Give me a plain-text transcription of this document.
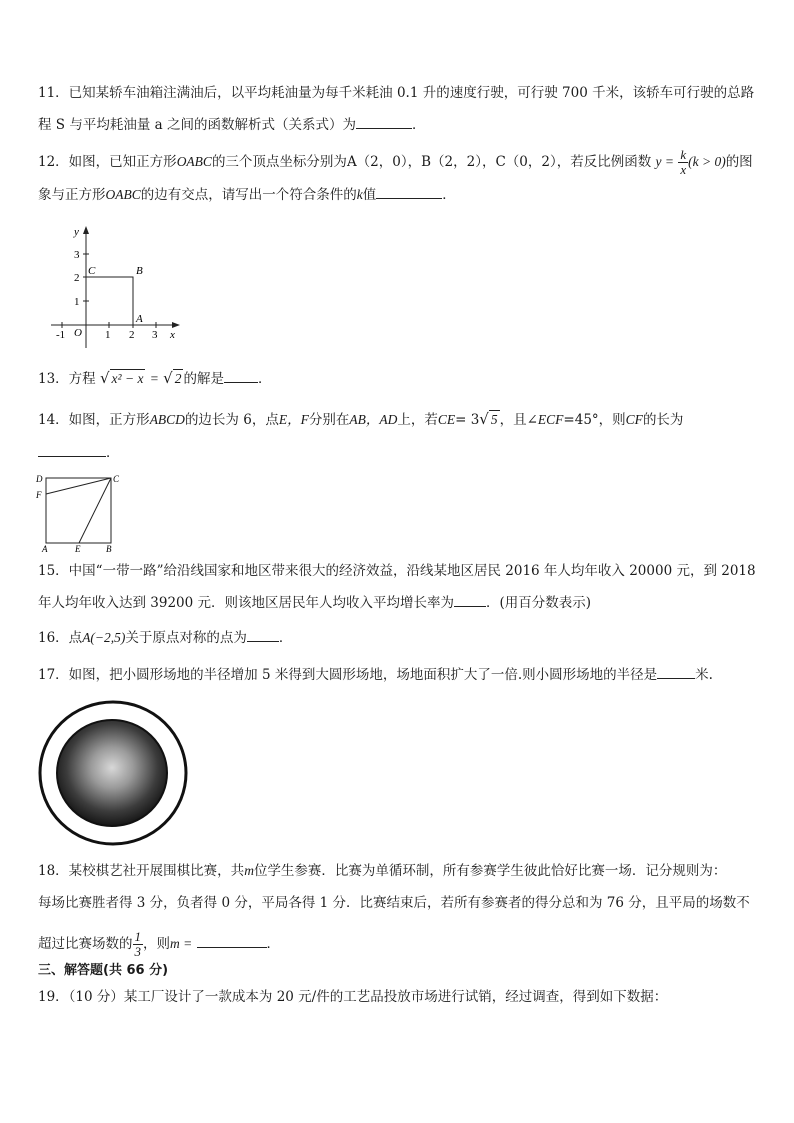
11．已知某轿车油箱注满油后，以平均耗油量为每千米耗油 0.1 升的速度行驶，可行驶 700 千米，该轿车可行驶的总路
程 S 与平均耗油量 a 之间的函数解析式（关系式）为	．
12．如图，已知正方形OABC的三个顶点坐标分别为A（2，0），B（2，2），C（0，2），若反比例函数 $y = \frac{k}{x} (k > 0)$的图
象与正方形OABC的边有交点，请写出一个符合条件的k值	．
y
x
O
3
2
1
-1	1 2 3
C	B
A
13．方程 √ x² − x = √ 2 的解是	．
14．如图，正方形ABCD的边长为 6，点E，F分别在AB，AD上，若CE= 3√ 5 ，且∠ECF=45°，则CF的长为
．
D	C
F
A	E	B
15．中国“一带一路”给沿线国家和地区带来很大的经济效益，沿线某地区居民 2016 年人均年收入 20000 元，到 2018
年人均年收入达到 39200 元．则该地区居民年人均收入平均增长率为 ．(用百分数表示)
16．点A(−2,5)关于原点对称的点为 ．
17．如图，把小圆形场地的半径增加 5 米得到大圆形场地，场地面积扩大了一倍.则小圆形场地的半径是	米.
18．某校棋艺社开展围棋比赛，共m位学生参赛．比赛为单循环制，所有参赛学生彼此恰好比赛一场．记分规则为：
每场比赛胜者得 3 分，负者得 0 分，平局各得 1 分．比赛结束后，若所有参赛者的得分总和为 76 分，且平局的场数不
超过比赛场数的 $\frac{1}{3}$ ，则m =	．
三、解答题(共 66 分)
19．（10 分）某工厂设计了一款成本为 20 元/件的工艺品投放市场进行试销，经过调查，得到如下数据：
